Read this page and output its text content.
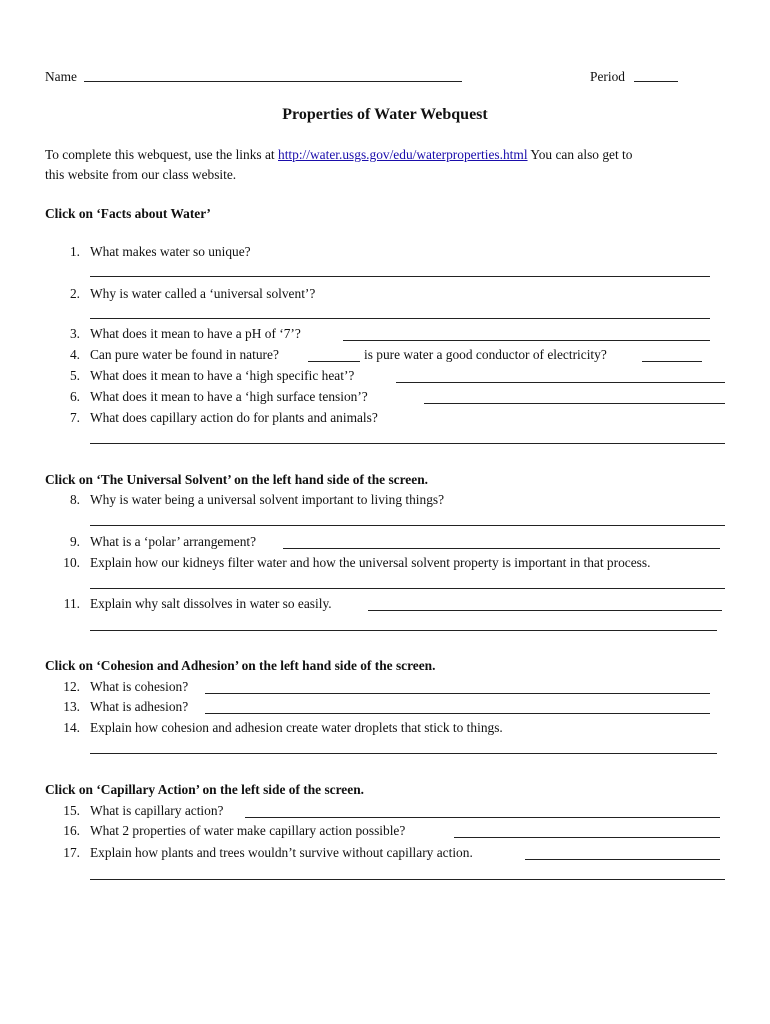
Name	Period
Properties of Water Webquest
To complete this webquest, use the links at http://water.usgs.gov/edu/waterproperties.html You can also get to
this website from our class website.
Click on ‘Facts about Water’
1. What makes water so unique?
2. Why is water called a ‘universal solvent’?
3. What does it mean to have a pH of ‘7’?
4. Can pure water be found in nature?	is pure water a good conductor of electricity?
5. What does it mean to have a ‘high specific heat’?
6. What does it mean to have a ‘high surface tension’?
7. What does capillary action do for plants and animals?
Click on ‘The Universal Solvent’ on the left hand side of the screen.
8. Why is water being a universal solvent important to living things?
9. What is a ‘polar’ arrangement?
10. Explain how our kidneys filter water and how the universal solvent property is important in that process.
11. Explain why salt dissolves in water so easily.
Click on ‘Cohesion and Adhesion’ on the left hand side of the screen.
12. What is cohesion?
13. What is adhesion?
14. Explain how cohesion and adhesion create water droplets that stick to things.
Click on ‘Capillary Action’ on the left side of the screen.
15. What is capillary action?
16. What 2 properties of water make capillary action possible?
17. Explain how plants and trees wouldn’t survive without capillary action.
